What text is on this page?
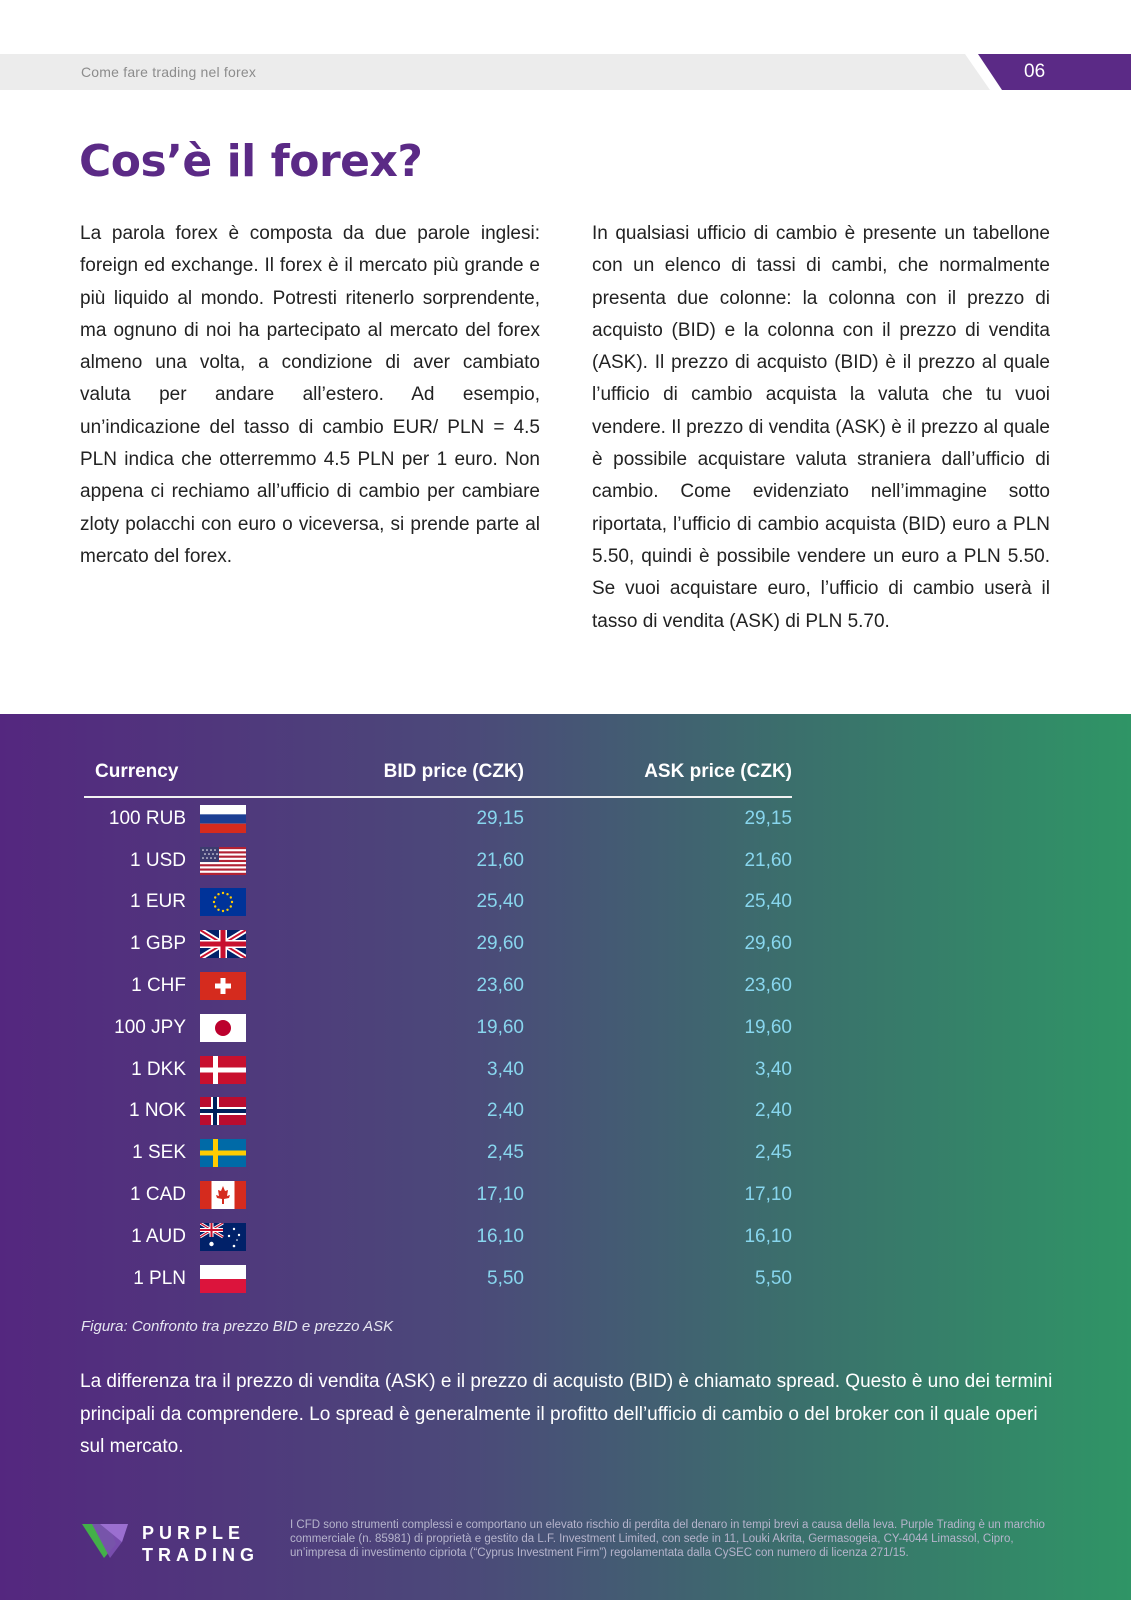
Come fare trading nel forex	06
Cos’è il forex?
La parola forex è composta da due parole inglesi: foreign ed exchange. Il forex è il mercato più grande e più liquido al mondo. Potresti ritenerlo sorprendente, ma ognuno di noi ha partecipato al mercato del forex almeno una volta, a condizione di aver cambiato valuta per andare all’estero. Ad esempio, un’indicazione del tasso di cambio EUR/ PLN = 4.5 PLN indica che otterremmo 4.5 PLN per 1 euro. Non appena ci rechiamo all’ufficio di cambio per cambiare zloty polacchi con euro o viceversa, si prende parte al mercato del forex.
In qualsiasi ufficio di cambio è presente un tabellone con un elenco di tassi di cambi, che normalmente presenta due colonne: la colonna con il prezzo di acquisto (BID) e la colonna con il prezzo di vendita (ASK). Il prezzo di acquisto (BID) è il prezzo al quale l’ufficio di cambio acquista la valuta che tu vuoi vendere. Il prezzo di vendita (ASK) è il prezzo al quale è possibile acquistare valuta straniera dall’ufficio di cambio. Come evidenziato nell’immagine sotto riportata, l’ufficio di cambio acquista (BID) euro a PLN 5.50, quindi è possibile vendere un euro a PLN 5.50. Se vuoi acquistare euro, l’ufficio di cambio userà il tasso di vendita (ASK) di PLN 5.70.
Currency		BID price (CZK)	ASK price (CZK)
100 RUB		29,15	29,15
1 USD		21,60	21,60
1 EUR		25,40	25,40
1 GBP		29,60	29,60
1 CHF		23,60	23,60
100 JPY		19,60	19,60
1 DKK		3,40	3,40
1 NOK		2,40	2,40
1 SEK		2,45	2,45
1 CAD		17,10	17,10
1 AUD		16,10	16,10
1 PLN		5,50	5,50
Figura: Confronto tra prezzo BID e prezzo ASK
La differenza tra il prezzo di vendita (ASK) e il prezzo di acquisto (BID) è chiamato spread. Questo è uno dei termini principali da comprendere. Lo spread è generalmente il profitto dell’ufficio di cambio o del broker con il quale operi sul mercato.
PURPLE
TRADING
I CFD sono strumenti complessi e comportano un elevato rischio di perdita del denaro in tempi brevi a causa della leva. Purple Trading è un marchio commerciale (n. 85981) di proprietà e gestito da L.F. Investment Limited, con sede in 11, Louki Akrita, Germasogeia, CY-4044 Limassol, Cipro, un’impresa di investimento cipriota (“Cyprus Investment Firm”) regolamentata dalla CySEC con numero di licenza 271/15.
